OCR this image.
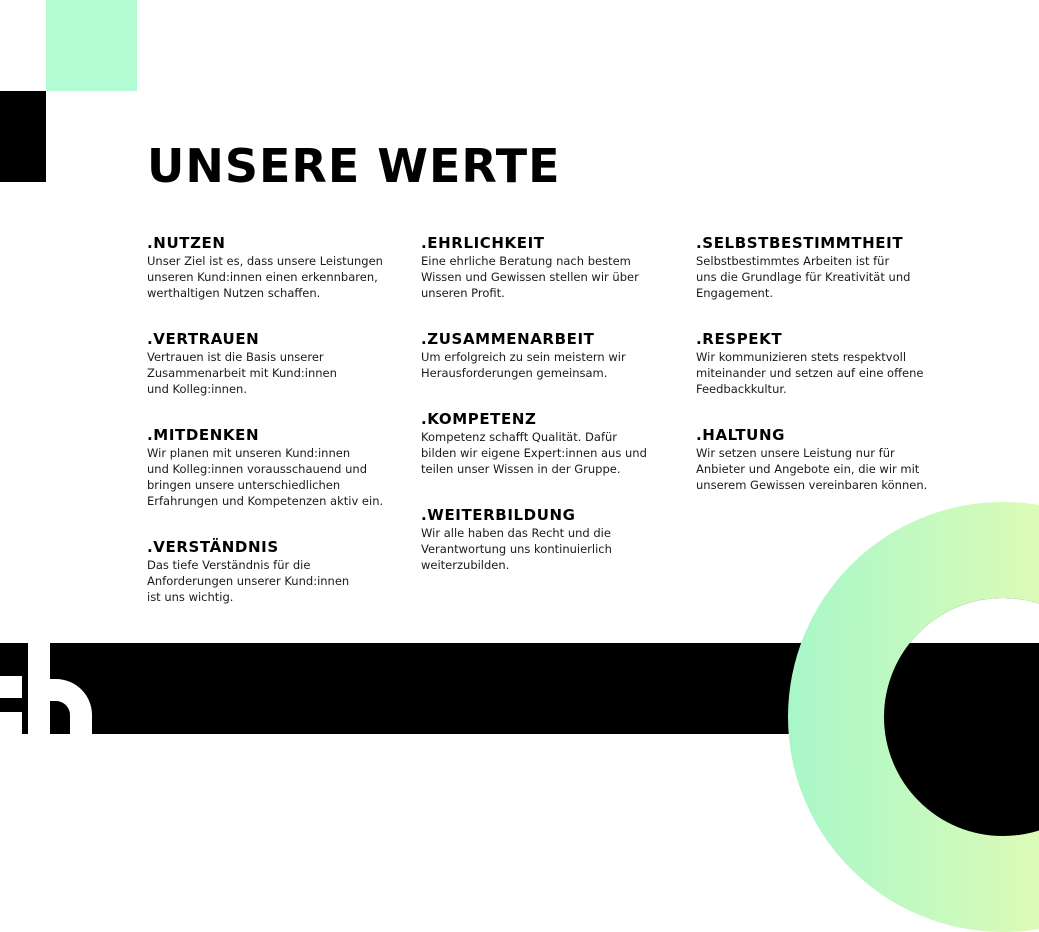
UNSERE WERTE
.NUTZEN

Unser Ziel ist es, dass unsere Leistungen
unseren Kund:innen einen erkennbaren,
werthaltigen Nutzen schaffen.

.VERTRAUEN

Vertrauen ist die Basis unserer
Zusammenarbeit mit Kund:innen
und Kolleg:innen.

.MITDENKEN

Wir planen mit unseren Kund:innen
und Kolleg:innen vorausschauend und
bringen unsere unterschiedlichen
Erfahrungen und Kompetenzen aktiv ein.

.VERSTÄNDNIS

Das tiefe Verständnis für die
Anforderungen unserer Kund:innen
ist uns wichtig.

.EHRLICHKEIT

Eine ehrliche Beratung nach bestem
Wissen und Gewissen stellen wir über
unseren Profit.

.ZUSAMMENARBEIT

Um erfolgreich zu sein meistern wir
Herausforderungen gemeinsam.

.KOMPETENZ

Kompetenz schafft Qualität. Dafür
bilden wir eigene Expert:innen aus und
teilen unser Wissen in der Gruppe.

.WEITERBILDUNG

Wir alle haben das Recht und die
Verantwortung uns kontinuierlich
weiterzubilden.

.SELBSTBESTIMMTHEIT

Selbstbestimmtes Arbeiten ist für
uns die Grundlage für Kreativität und
Engagement.

.RESPEKT

Wir kommunizieren stets respektvoll
miteinander und setzen auf eine offene
Feedbackkultur.

.HALTUNG

Wir setzen unsere Leistung nur für
Anbieter und Angebote ein, die wir mit
unserem Gewissen vereinbaren können.
